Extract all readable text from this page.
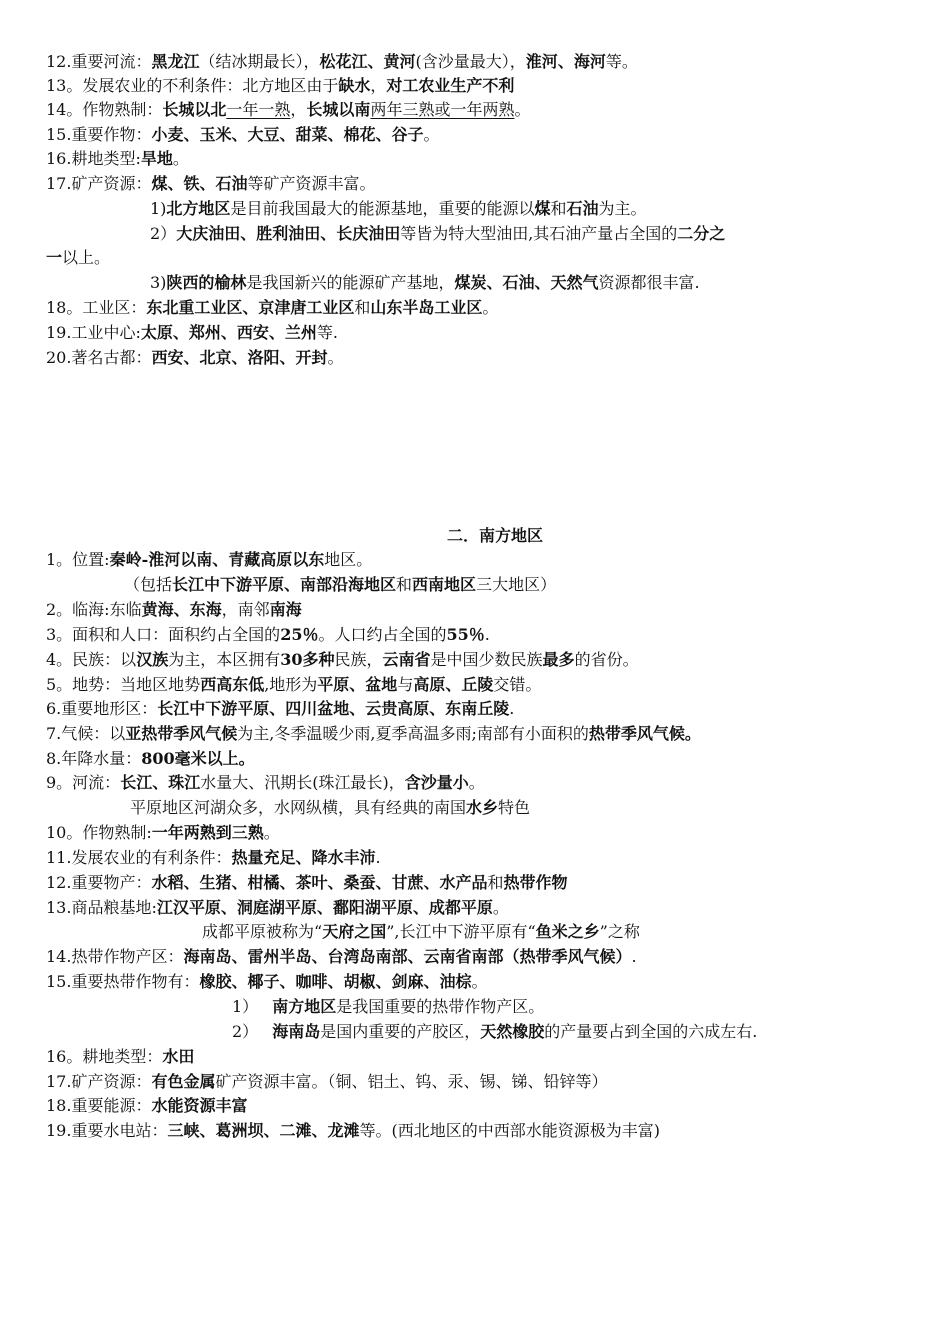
12.重要河流：黑龙江（结冰期最长），松花江、黄河(含沙量最大），淮河、海河等。
13。发展农业的不利条件：北方地区由于缺水，对工农业生产不利
14。作物熟制：长城以北一年一熟，长城以南两年三熟或一年两熟。
15.重要作物：小麦、玉米、大豆、甜菜、棉花、谷子。
16.耕地类型:旱地。
17.矿产资源：煤、铁、石油等矿产资源丰富。
1)北方地区是目前我国最大的能源基地，重要的能源以煤和石油为主。
2）大庆油田、胜利油田、长庆油田等皆为特大型油田,其石油产量占全国的二分之
一以上。
3)陕西的榆林是我国新兴的能源矿产基地，煤炭、石油、天然气资源都很丰富.
18。工业区：东北重工业区、京津唐工业区和山东半岛工业区。
19.工业中心:太原、郑州、西安、兰州等.
20.著名古都：西安、北京、洛阳、开封。
二．南方地区
1。位置:秦岭-淮河以南、青藏高原以东地区。
（包括长江中下游平原、南部沿海地区和西南地区三大地区）
2。临海:东临黄海、东海，南邻南海
3。面积和人口：面积约占全国的25％。人口约占全国的55％.
4。民族：以汉族为主，本区拥有30多种民族，云南省是中国少数民族最多的省份。
5。地势：当地区地势西高东低,地形为平原、盆地与高原、丘陵交错。
6.重要地形区：长江中下游平原、四川盆地、云贵高原、东南丘陵.
7.气候：以亚热带季风气候为主,冬季温暖少雨,夏季高温多雨;南部有小面积的热带季风气候。
8.年降水量：800毫米以上。
9。河流：长江、珠江水量大、汛期长(珠江最长)，含沙量小。
平原地区河湖众多，水网纵横，具有经典的南国水乡特色
10。作物熟制:一年两熟到三熟。
11.发展农业的有利条件：热量充足、降水丰沛.
12.重要物产：水稻、生猪、柑橘、茶叶、桑蚕、甘蔗、水产品和热带作物
13.商品粮基地:江汉平原、洞庭湖平原、鄱阳湖平原、成都平原。
成都平原被称为“天府之国”,长江中下游平原有“鱼米之乡”之称
14.热带作物产区：海南岛、雷州半岛、台湾岛南部、云南省南部（热带季风气候）.
15.重要热带作物有：橡胶、椰子、咖啡、胡椒、剑麻、油棕。
1） 南方地区是我国重要的热带作物产区。
2） 海南岛是国内重要的产胶区，天然橡胶的产量要占到全国的六成左右.
16。耕地类型：水田
17.矿产资源：有色金属矿产资源丰富。（铜、铝土、钨、汞、锡、锑、铅锌等）
18.重要能源：水能资源丰富
19.重要水电站：三峡、葛洲坝、二滩、龙滩等。(西北地区的中西部水能资源极为丰富)
